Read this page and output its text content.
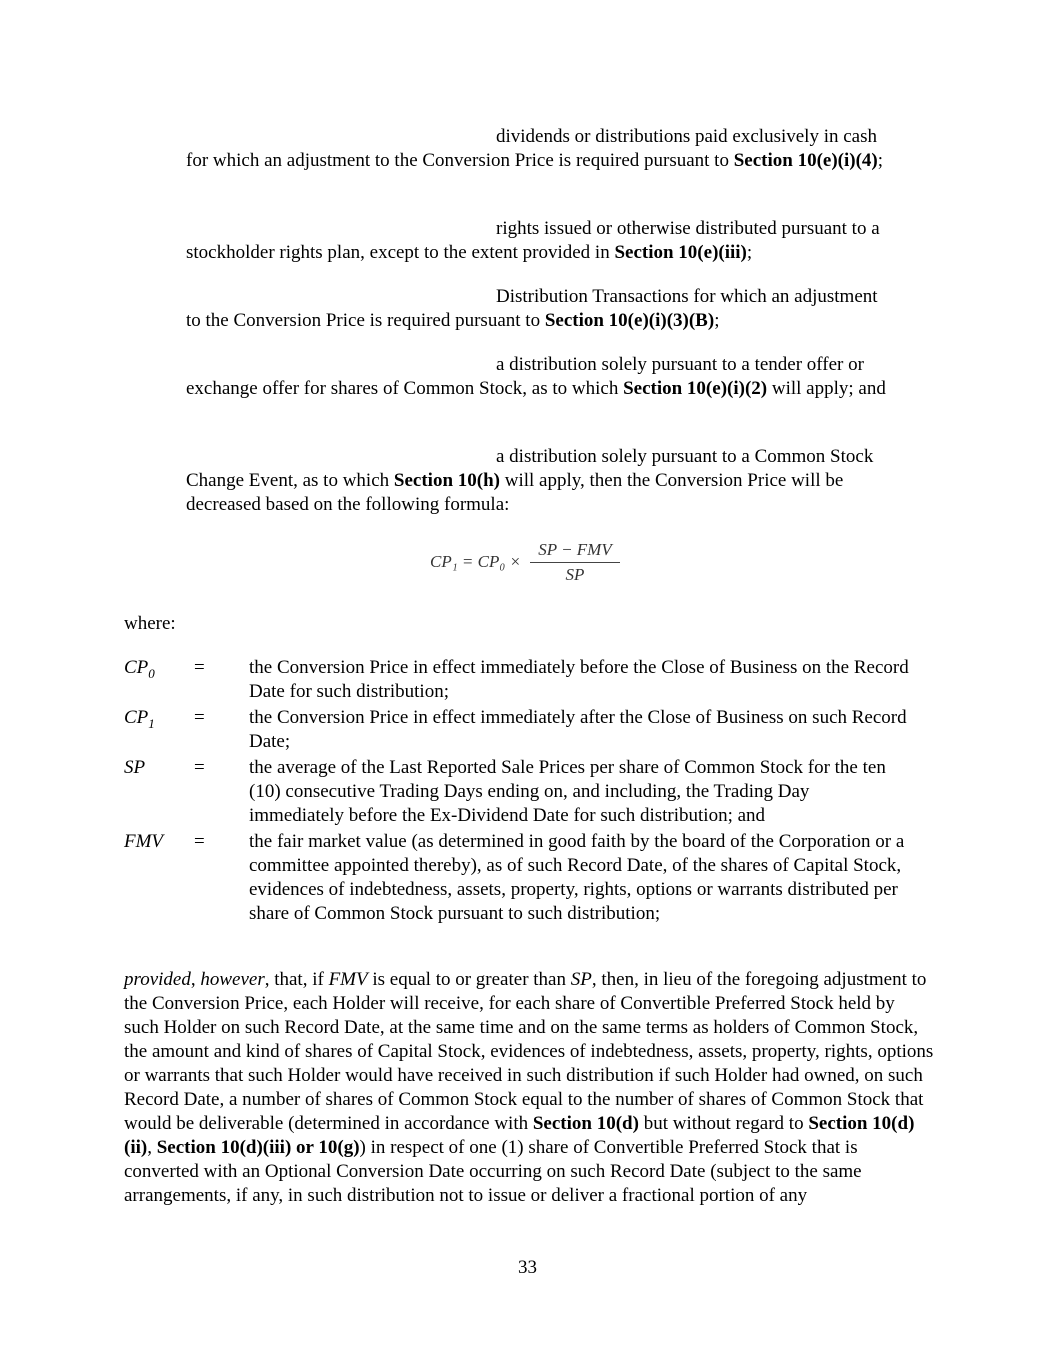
dividends or distributions paid exclusively in cash
for which an adjustment to the Conversion Price is required pursuant to Section 10(e)(i)(4);
rights issued or otherwise distributed pursuant to a
stockholder rights plan, except to the extent provided in Section 10(e)(iii);
Distribution Transactions for which an adjustment
to the Conversion Price is required pursuant to Section 10(e)(i)(3)(B);
a distribution solely pursuant to a tender offer or
exchange offer for shares of Common Stock, as to which Section 10(e)(i)(2) will apply; and
a distribution solely pursuant to a Common Stock
Change Event, as to which Section 10(h) will apply, then the Conversion Price will be decreased based on the following formula:
CP₁ = CP₀ ×
SP − FMV
SP
where:
$CP_0$ = the Conversion Price in effect immediately before the Close of Business on the Record Date for such distribution;
$CP_1$ = the Conversion Price in effect immediately after the Close of Business on such Record Date;
SP	= the average of the Last Reported Sale Prices per share of Common Stock for the ten (10) consecutive Trading Days ending on, and including, the Trading Day immediately before the Ex-Dividend Date for such distribution; and
FMV = the fair market value (as determined in good faith by the board of the Corporation or a committee appointed thereby), as of such Record Date, of the shares of Capital Stock, evidences of indebtedness, assets, property, rights, options or warrants distributed per share of Common Stock pursuant to such distribution;
provided, however, that, if FMV is equal to or greater than SP, then, in lieu of the foregoing adjustment to the Conversion Price, each Holder will receive, for each share of Convertible Preferred Stock held by such Holder on such Record Date, at the same time and on the same terms as holders of Common Stock, the amount and kind of shares of Capital Stock, evidences of indebtedness, assets, property, rights, options or warrants that such Holder would have received in such distribution if such Holder had owned, on such Record Date, a number of shares of Common Stock equal to the number of shares of Common Stock that would be deliverable (determined in accordance with Section 10(d) but without regard to Section 10(d)(ii), Section 10(d)(iii) or 10(g)) in respect of one (1) share of Convertible Preferred Stock that is converted with an Optional Conversion Date occurring on such Record Date (subject to the same arrangements, if any, in such distribution not to issue or deliver a fractional portion of any
33
